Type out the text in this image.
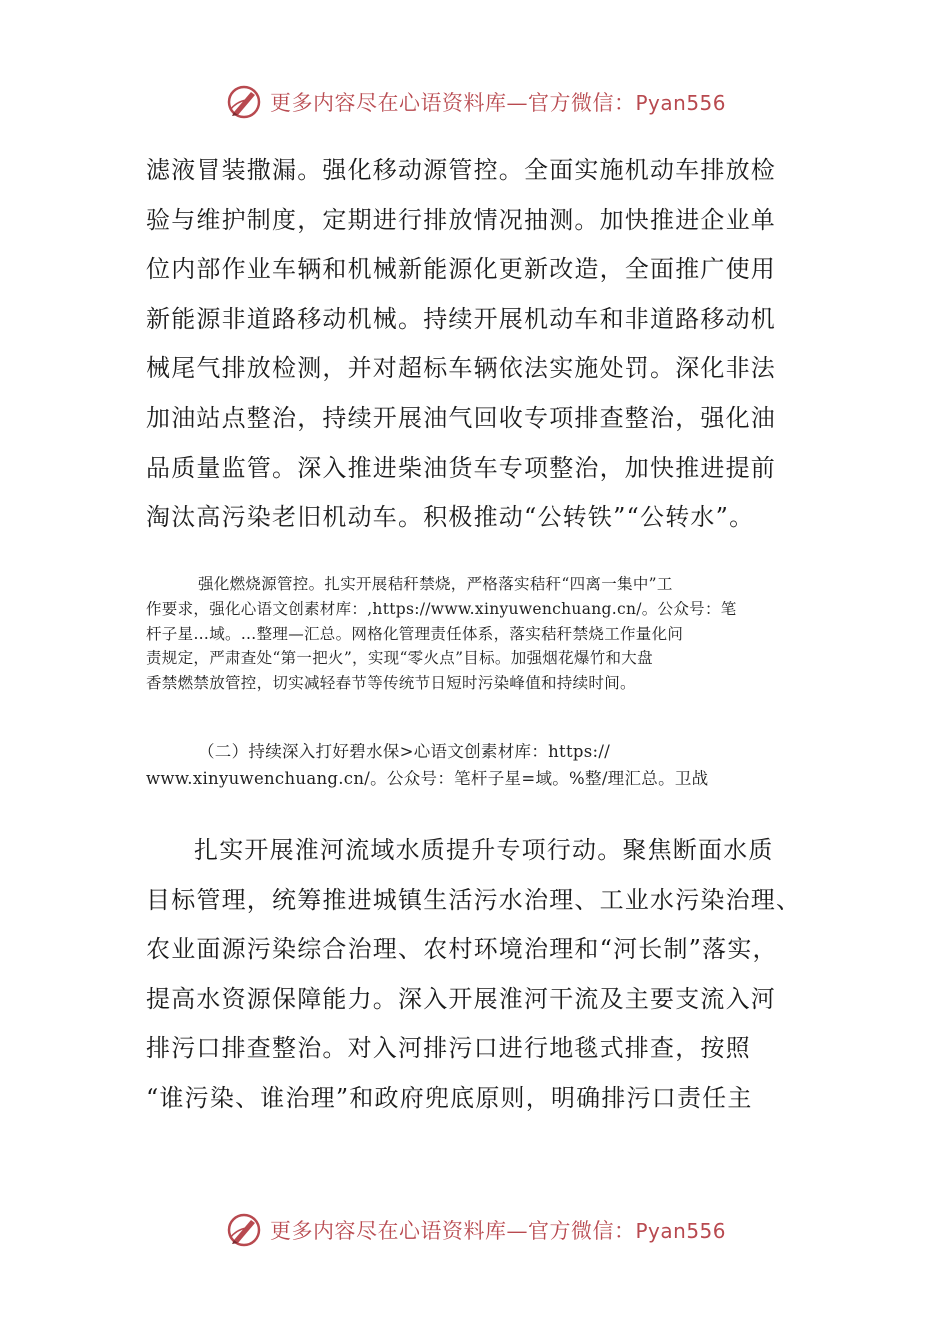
更多内容尽在心语资料库—官方微信：Pyan556
滤液冒装撒漏。强化移动源管控。全面实施机动车排放检
验与维护制度，定期进行排放情况抽测。加快推进企业单
位内部作业车辆和机械新能源化更新改造，全面推广使用
新能源非道路移动机械。持续开展机动车和非道路移动机
械尾气排放检测，并对超标车辆依法实施处罚。深化非法
加油站点整治，持续开展油气回收专项排查整治，强化油
品质量监管。深入推进柴油货车专项整治，加快推进提前
淘汰高污染老旧机动车。积极推动“公转铁”“公转水”。
强化燃烧源管控。扎实开展秸秆禁烧，严格落实秸秆“四离一集中”工
作要求，强化心语文创素材库：,https://www.xinyuwenchuang.cn/。公众号：笔
杆子星…域。…整理—汇总。网格化管理责任体系，落实秸秆禁烧工作量化问
责规定，严肃查处“第一把火”，实现“零火点”目标。加强烟花爆竹和大盘
香禁燃禁放管控，切实减轻春节等传统节日短时污染峰值和持续时间。
（二）持续深入打好碧水保>心语文创素材库：https://
www.xinyuwenchuang.cn/。公众号：笔杆子星=域。%整/理汇总。卫战
扎实开展淮河流域水质提升专项行动。聚焦断面水质
目标管理，统筹推进城镇生活污水治理、工业水污染治理、
农业面源污染综合治理、农村环境治理和“河长制”落实，
提高水资源保障能力。深入开展淮河干流及主要支流入河
排污口排查整治。对入河排污口进行地毯式排查，按照
“谁污染、谁治理”和政府兜底原则，明确排污口责任主
更多内容尽在心语资料库—官方微信：Pyan556
